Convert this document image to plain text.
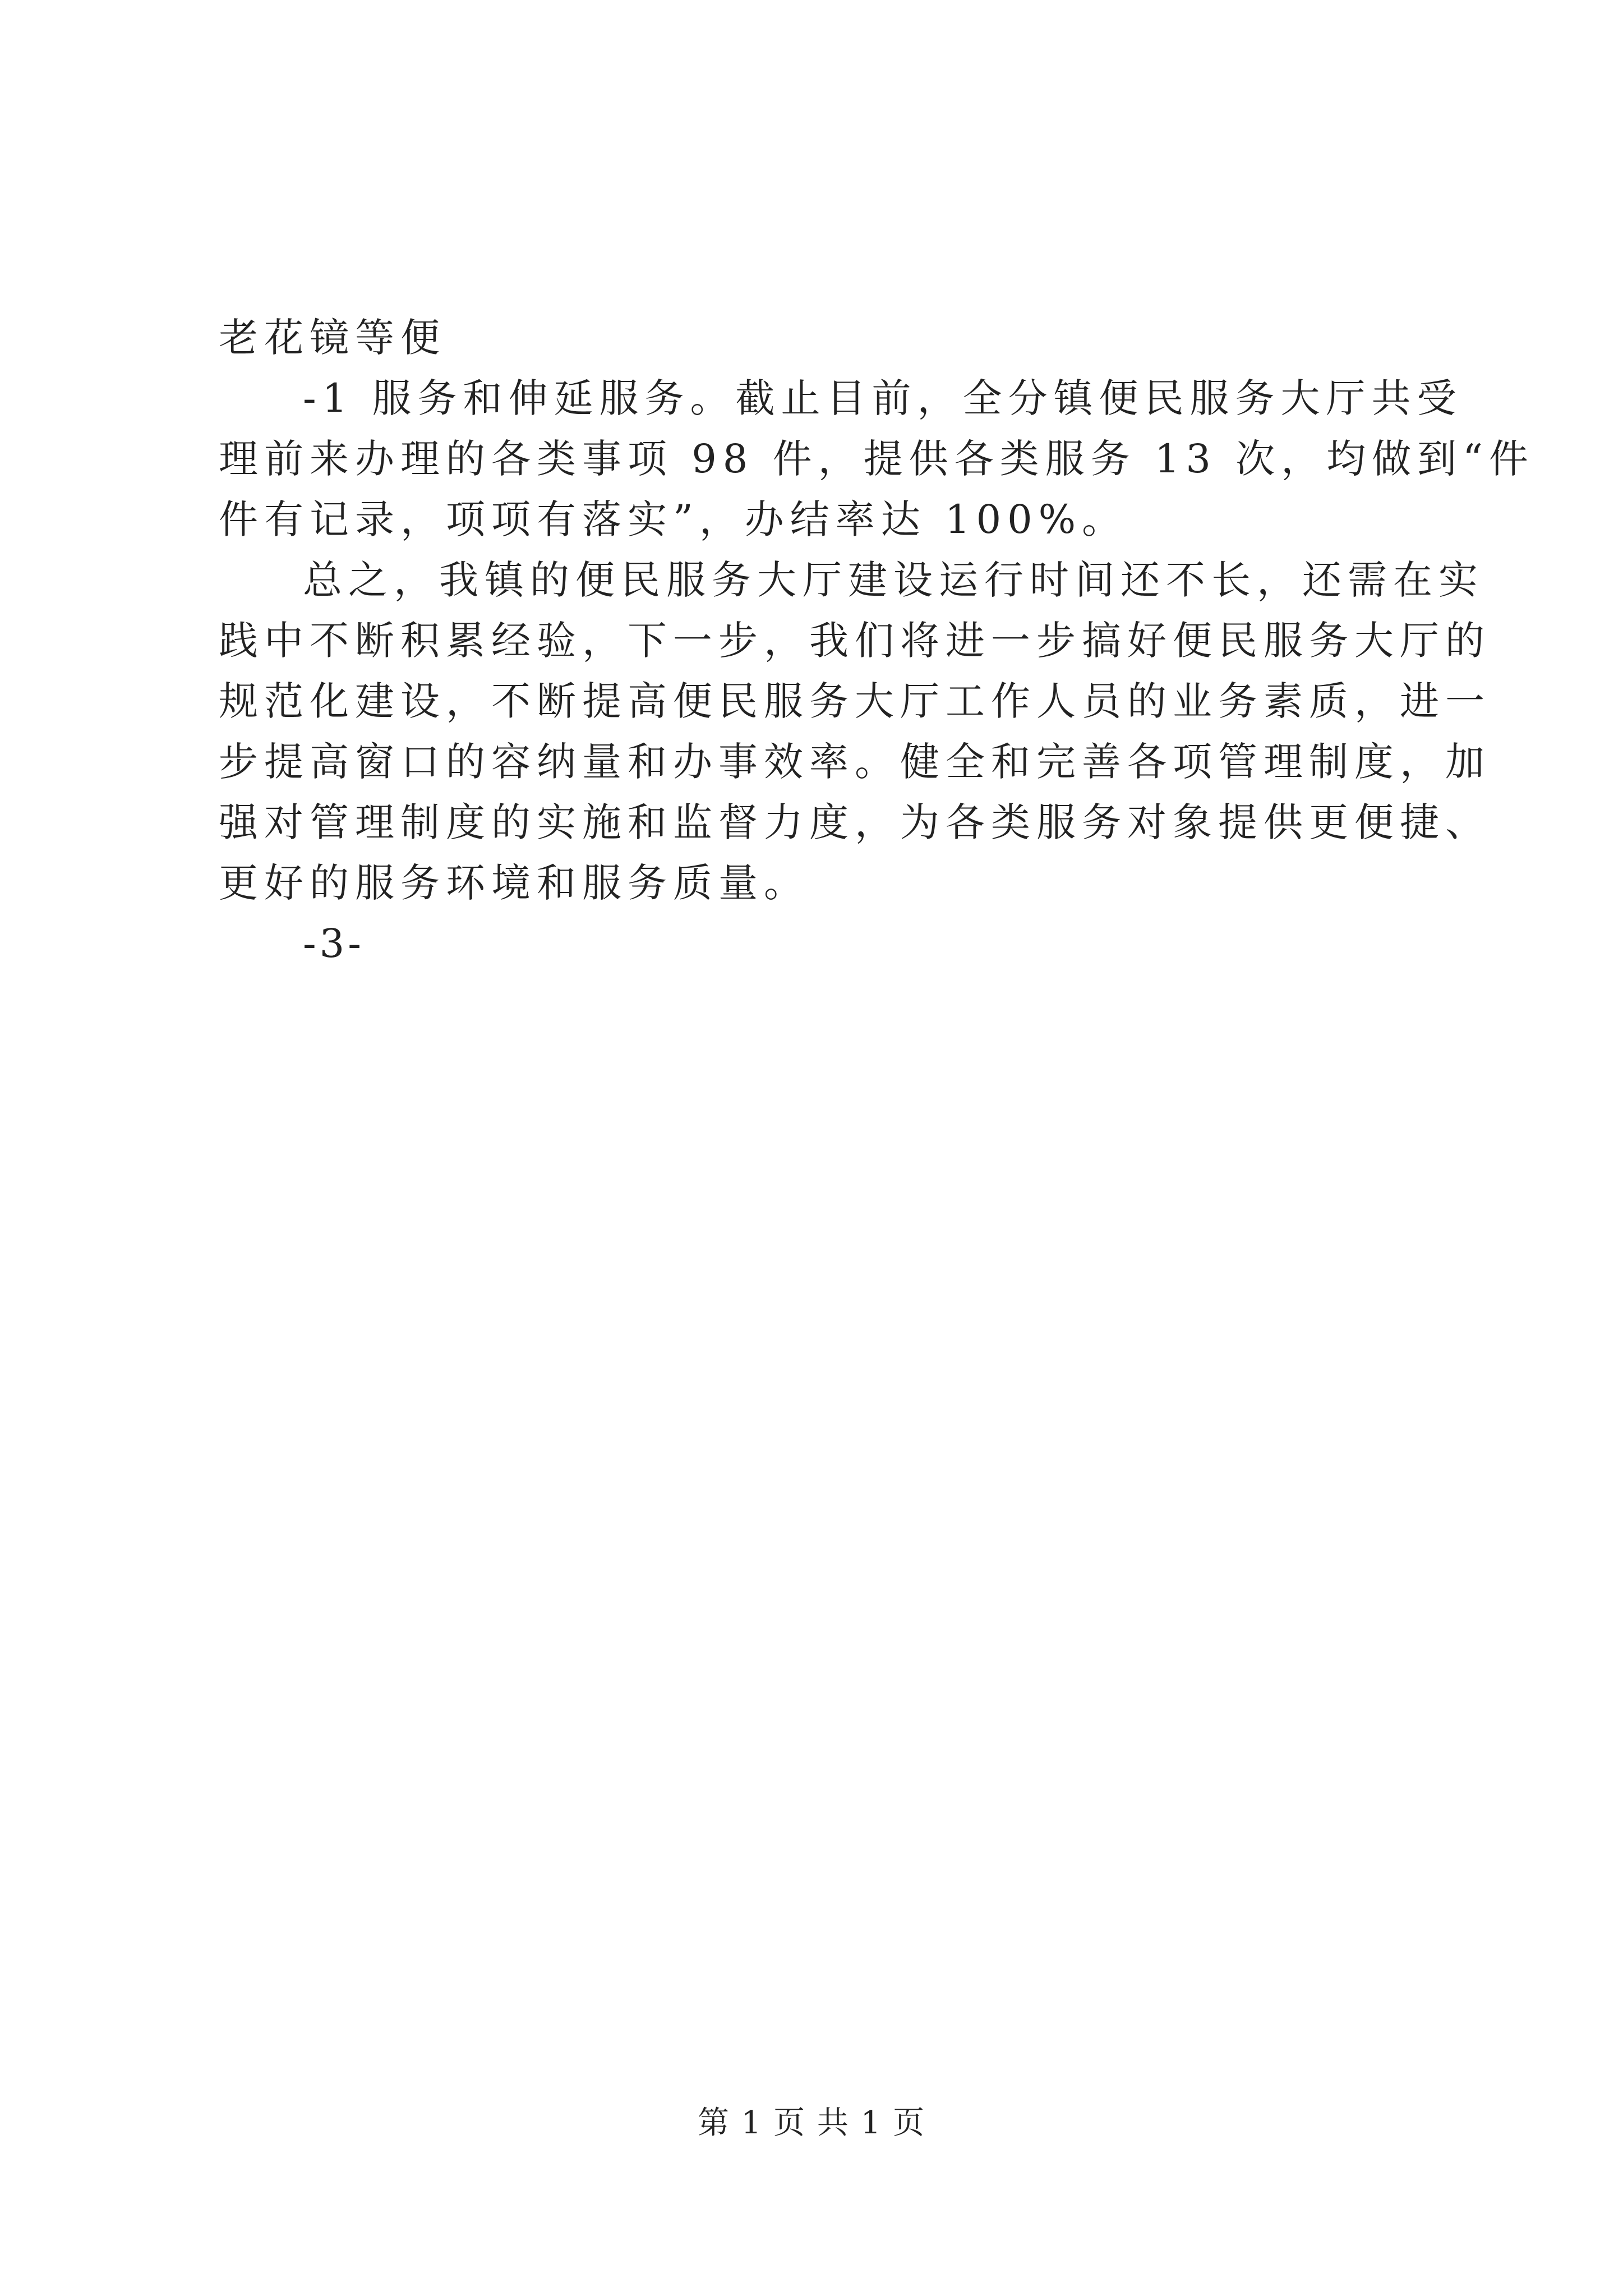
老花镜等便

-1 服务和伸延服务。截止目前，全分镇便民服务大厅共受

理前来办理的各类事项 98 件，提供各类服务 13 次，均做到“件

件有记录，项项有落实”，办结率达 100%。

总之，我镇的便民服务大厅建设运行时间还不长，还需在实

践中不断积累经验，下一步，我们将进一步搞好便民服务大厅的

规范化建设，不断提高便民服务大厅工作人员的业务素质，进一

步提高窗口的容纳量和办事效率。健全和完善各项管理制度，加

强对管理制度的实施和监督力度，为各类服务对象提供更便捷、

更好的服务环境和服务质量。

-3-

第 1 页 共 1 页
